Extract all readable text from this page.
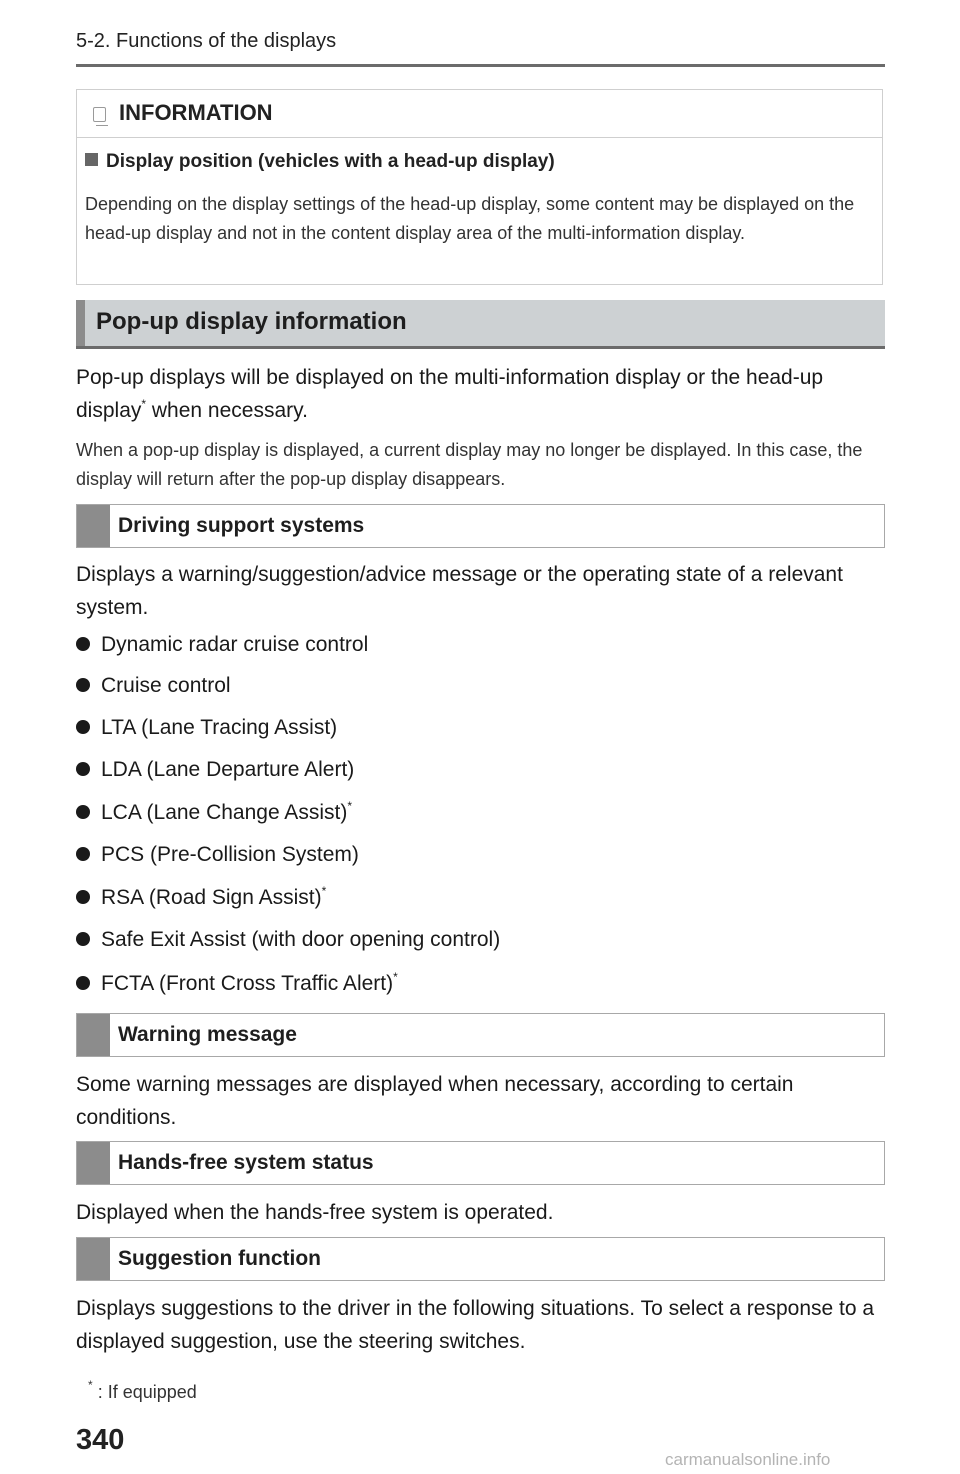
5-2. Functions of the displays
INFORMATION
Display position (vehicles with a head-up display)
Depending on the display settings of the head-up display, some content may be displayed on the head-up display and not in the content display area of the multi-information display.
Pop-up display information
Pop-up displays will be displayed on the multi-information display or the head-up display* when necessary.
When a pop-up display is displayed, a current display may no longer be displayed. In this case, the display will return after the pop-up display disappears.
Driving support systems
Displays a warning/suggestion/advice message or the operating state of a relevant system.
Dynamic radar cruise control
Cruise control
LTA (Lane Tracing Assist)
LDA (Lane Departure Alert)
LCA (Lane Change Assist)*
PCS (Pre-Collision System)
RSA (Road Sign Assist)*
Safe Exit Assist (with door opening control)
FCTA (Front Cross Traffic Alert)*
Warning message
Some warning messages are displayed when necessary, according to certain conditions.
Hands-free system status
Displayed when the hands-free system is operated.
Suggestion function
Displays suggestions to the driver in the following situations. To select a response to a displayed suggestion, use the steering switches.
* : If equipped
340
carmanualsonline.info
